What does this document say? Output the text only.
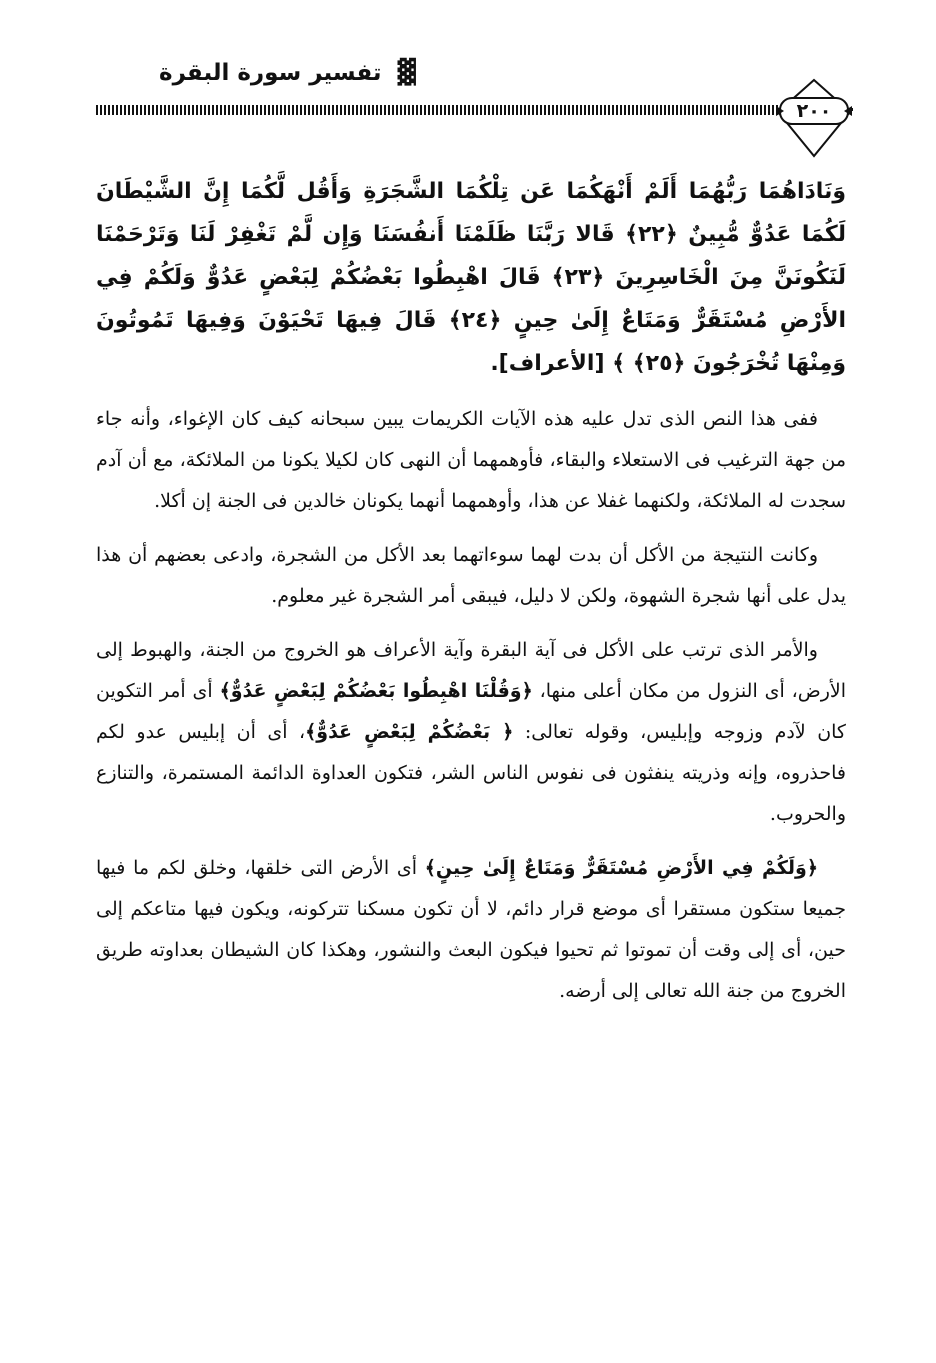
▓ تفسير سورة البقرة
٢٠٠

وَنَادَاهُمَا رَبُّهُمَا أَلَمْ أَنْهَكُمَا عَن تِلْكُمَا الشَّجَرَةِ وَأَقُل لَّكُمَا إِنَّ الشَّيْطَانَ لَكُمَا عَدُوٌّ مُّبِينٌ ﴿٢٢﴾ قَالا رَبَّنَا ظَلَمْنَا أَنفُسَنَا وَإِن لَّمْ تَغْفِرْ لَنَا وَتَرْحَمْنَا لَنَكُونَنَّ مِنَ الْخَاسِرِينَ ﴿٢٣﴾ قَالَ اهْبِطُوا بَعْضُكُمْ لِبَعْضٍ عَدُوٌّ وَلَكُمْ فِي الأَرْضِ مُسْتَقَرٌّ وَمَتَاعٌ إِلَىٰ حِينٍ ﴿٢٤﴾ قَالَ فِيهَا تَحْيَوْنَ وَفِيهَا تَمُوتُونَ وَمِنْهَا تُخْرَجُونَ ﴿٢٥﴾ ﴾ [الأعراف].

ففى هذا النص الذى تدل عليه هذه الآيات الكريمات يبين سبحانه كيف كان الإغواء، وأنه جاء من جهة الترغيب فى الاستعلاء والبقاء، فأوهمهما أن النهى كان لكيلا يكونا من الملائكة، مع أن آدم سجدت له الملائكة، ولكنهما غفلا عن هذا، وأوهمهما أنهما يكونان خالدين فى الجنة إن أكلا.

وكانت النتيجة من الأكل أن بدت لهما سوءاتهما بعد الأكل من الشجرة، وادعى بعضهم أن هذا يدل على أنها شجرة الشهوة، ولكن لا دليل، فيبقى أمر الشجرة غير معلوم.

والأمر الذى ترتب على الأكل فى آية البقرة وآية الأعراف هو الخروج من الجنة، والهبوط إلى الأرض، أى النزول من مكان أعلى منها، ﴿وَقُلْنَا اهْبِطُوا بَعْضُكُمْ لِبَعْضٍ عَدُوٌّ﴾ أى أمر التكوين كان لآدم وزوجه وإبليس، وقوله تعالى: ﴿ بَعْضُكُمْ لِبَعْضٍ عَدُوٌّ﴾، أى أن إبليس عدو لكم فاحذروه، وإنه وذريته ينفثون فى نفوس الناس الشر، فتكون العداوة الدائمة المستمرة، والتنازع والحروب.

﴿وَلَكُمْ فِي الأَرْضِ مُسْتَقَرٌّ وَمَتَاعٌ إِلَىٰ حِينٍ﴾ أى الأرض التى خلقها، وخلق لكم ما فيها جميعا ستكون مستقرا أى موضع قرار دائم، لا أن تكون مسكنا تتركونه، ويكون فيها متاعكم إلى حين، أى إلى وقت أن تموتوا ثم تحيوا فيكون البعث والنشور، وهكذا كان الشيطان بعداوته طريق الخروج من جنة الله تعالى إلى أرضه.
